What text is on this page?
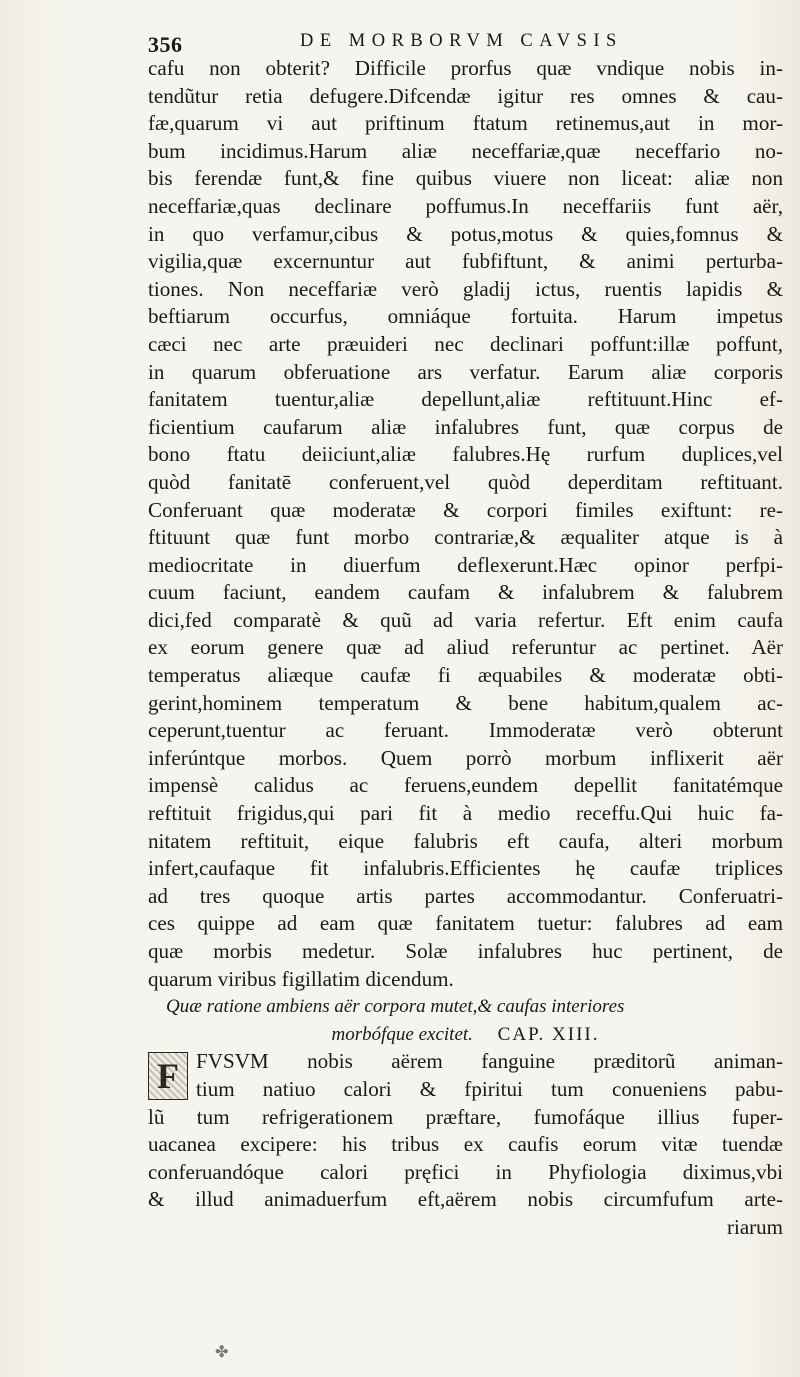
356	DE MORBORVM CAVSIS
cafu non obterit? Difficile prorfus quæ vndique nobis in-
tendũtur retia defugere.Difcendæ igitur res omnes & cau-
fæ,quarum vi aut priftinum ftatum retinemus,aut in mor-
bum incidimus.Harum aliæ neceffariæ,quæ neceffario no-
bis ferendæ funt,& fine quibus viuere non liceat: aliæ non
neceffariæ,quas declinare poffumus.In neceffariis funt aër,
in quo verfamur,cibus & potus,motus & quies,fomnus &
vigilia,quæ excernuntur aut fubfiftunt, & animi perturba-
tiones. Non neceffariæ verò gladij ictus, ruentis lapidis &
beftiarum occurfus, omniáque fortuita. Harum impetus
cæci nec arte præuideri nec declinari poffunt:illæ poffunt,
in quarum obferuatione ars verfatur. Earum aliæ corporis
fanitatem tuentur,aliæ depellunt,aliæ reftituunt.Hinc ef-
ficientium caufarum aliæ infalubres funt, quæ corpus de
bono ftatu deiiciunt,aliæ falubres.Hę rurfum duplices,vel
quòd fanitatē conferuent,vel quòd deperditam reftituant.
Conferuant quæ moderatæ & corpori fimiles exiftunt: re-
ftituunt quæ funt morbo contrariæ,& æqualiter atque is à
mediocritate in diuerfum deflexerunt.Hæc opinor perfpi-
cuum faciunt, eandem caufam & infalubrem & falubrem
dici,fed comparatè & quũ ad varia refertur. Eft enim caufa
ex eorum genere quæ ad aliud referuntur ac pertinet. Aër
temperatus aliæque caufæ fi æquabiles & moderatæ obti-
gerint,hominem temperatum & bene habitum,qualem ac-
ceperunt,tuentur ac feruant. Immoderatæ verò obterunt
inferúntque morbos. Quem porrò morbum inflixerit aër
impensè calidus ac feruens,eundem depellit fanitatémque
reftituit frigidus,qui pari fit à medio receffu.Qui huic fa-
nitatem reftituit, eique falubris eft caufa, alteri morbum
infert,caufaque fit infalubris.Efficientes hę caufæ triplices
ad tres quoque artis partes accommodantur. Conferuatri-
ces quippe ad eam quæ fanitatem tuetur: falubres ad eam
quæ morbis medetur. Solæ infalubres huc pertinent, de
quarum viribus figillatim dicendum.
Quæ ratione ambiens aër corpora mutet,& caufas interiores
morbófque excitet. CAP. XIII.
F
FVSVM nobis aërem fanguine præditorũ animan-
tium natiuo calori & fpiritui tum conueniens pabu-
lũ tum refrigerationem præftare, fumofáque illius fuper-
uacanea excipere: his tribus ex caufis eorum vitæ tuendæ
conferuandóque calori pręfici in Phyfiologia diximus,vbi
& illud animaduerfum eft,aërem nobis circumfufum arte-
riarum
✤
